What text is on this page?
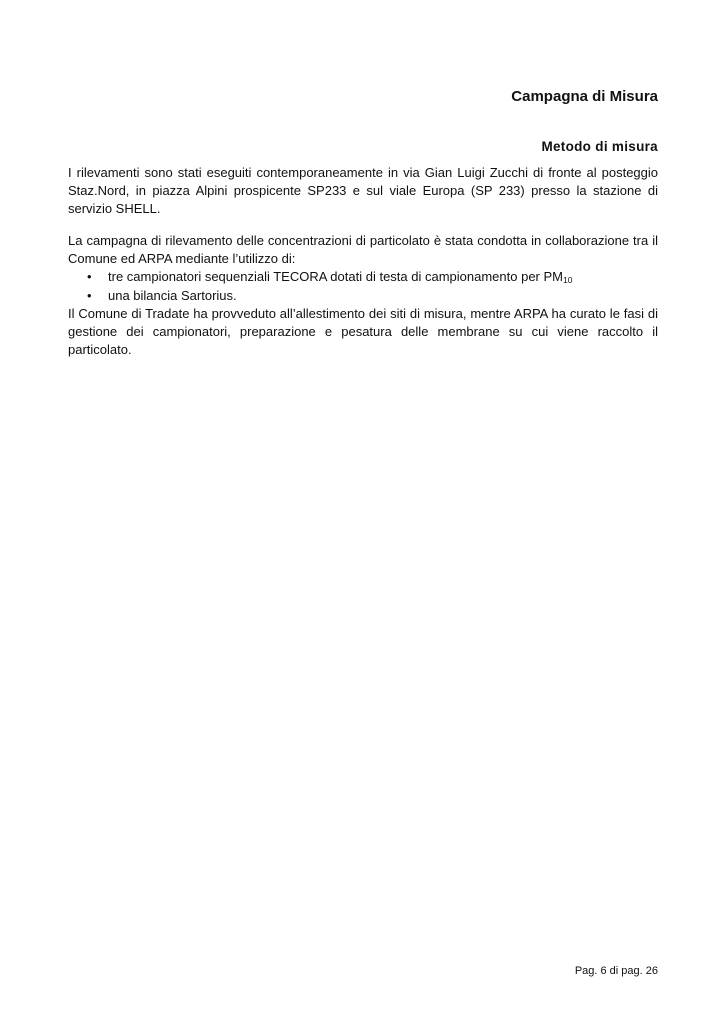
Campagna di Misura
Metodo di misura
I rilevamenti sono stati eseguiti contemporaneamente in via Gian Luigi Zucchi di fronte al posteggio Staz.Nord, in piazza Alpini prospicente SP233 e sul viale Europa (SP 233) presso la stazione di servizio SHELL.
La campagna di rilevamento delle concentrazioni di particolato è stata condotta in collaborazione tra il Comune ed ARPA mediante l’utilizzo di:
• tre campionatori sequenziali TECORA dotati di testa di campionamento per $PM_{10}$
• una bilancia Sartorius.
Il Comune di Tradate ha provveduto all’allestimento dei siti di misura, mentre ARPA ha curato le fasi di gestione dei campionatori, preparazione e pesatura delle membrane su cui viene raccolto il particolato.
Pag. 6 di pag. 26
